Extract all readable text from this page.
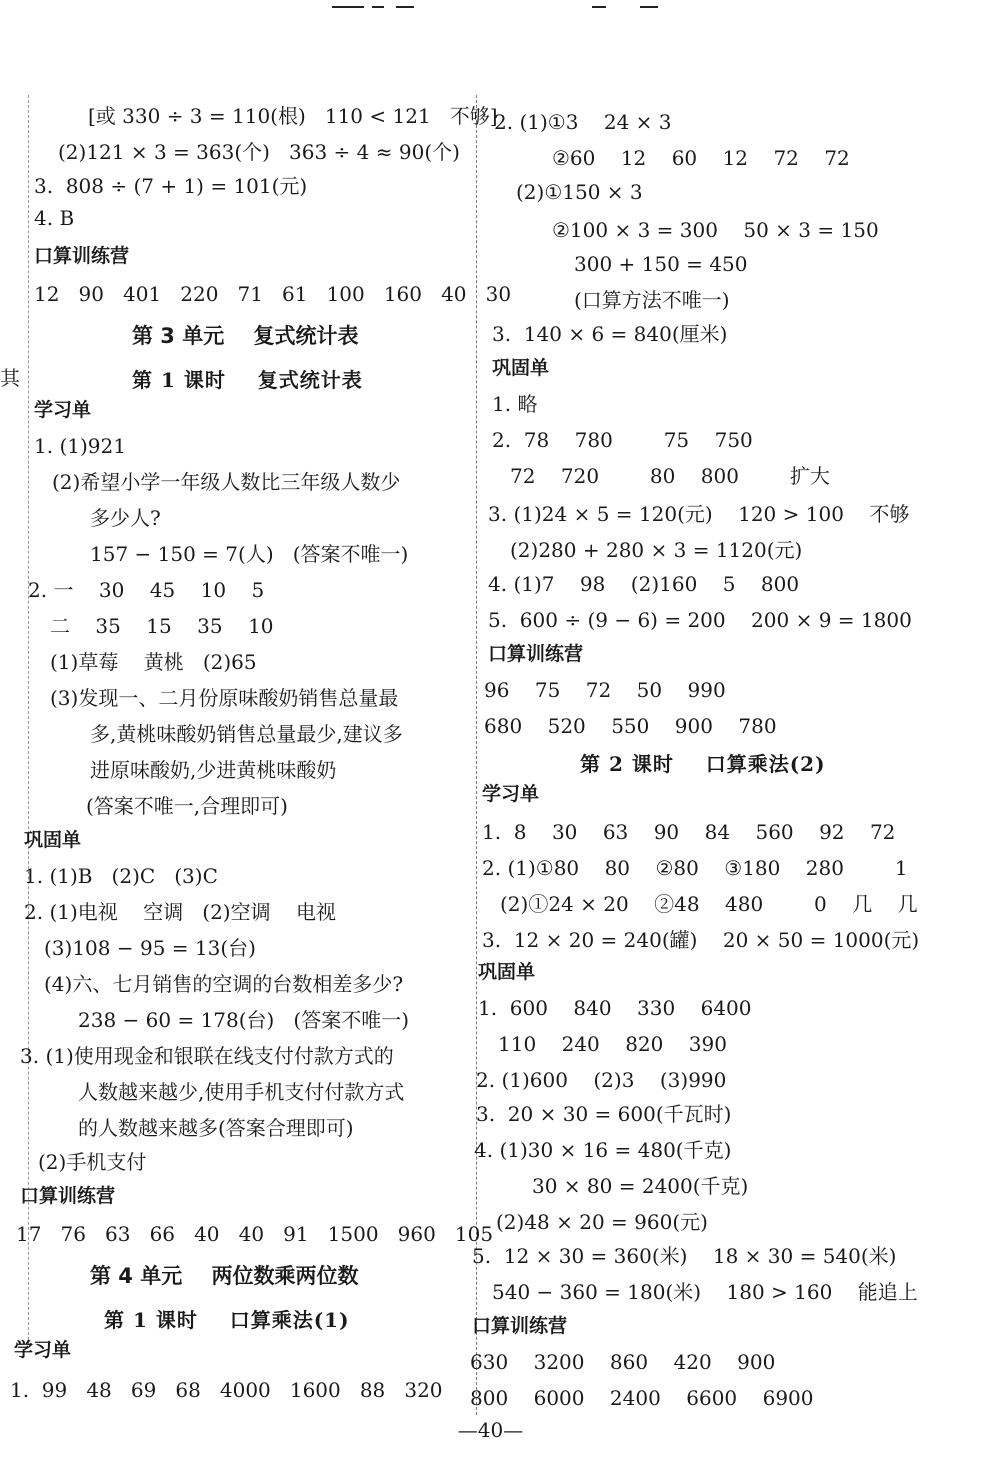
其
[或 330 ÷ 3 = 110(根)   110 < 121   不够]
(2)121 × 3 = 363(个)   363 ÷ 4 ≈ 90(个)
3.  808 ÷ (7 + 1) = 101(元)
4. B
口算训练营
12   90   401   220   71   61   100   160   40   30
第 3 单元    复式统计表
第 1 课时    复式统计表
学习单
1. (1)921
(2)希望小学一年级人数比三年级人数少
多少人?
157 − 150 = 7(人)   (答案不唯一)
2. 一    30    45    10    5
二    35    15    35    10
(1)草莓    黄桃   (2)65
(3)发现一、二月份原味酸奶销售总量最
多,黄桃味酸奶销售总量最少,建议多
进原味酸奶,少进黄桃味酸奶
(答案不唯一,合理即可)
巩固单
1. (1)B   (2)C   (3)C
2. (1)电视    空调   (2)空调    电视
(3)108 − 95 = 13(台)
(4)六、七月销售的空调的台数相差多少?
238 − 60 = 178(台)   (答案不唯一)
3. (1)使用现金和银联在线支付付款方式的
人数越来越少,使用手机支付付款方式
的人数越来越多(答案合理即可)
(2)手机支付
口算训练营
17   76   63   66   40   40   91   1500   960   105
第 4 单元    两位数乘两位数
第 1 课时    口算乘法(1)
学习单
1.  99   48   69   68   4000   1600   88   320
2. (1)①3    24 × 3
②60    12    60    12    72    72
(2)①150 × 3
②100 × 3 = 300    50 × 3 = 150
300 + 150 = 450
(口算方法不唯一)
3.  140 × 6 = 840(厘米)
巩固单
1. 略
2.  78    780        75    750
72    720        80    800        扩大
3. (1)24 × 5 = 120(元)    120 > 100    不够
(2)280 + 280 × 3 = 1120(元)
4. (1)7    98    (2)160    5    800
5.  600 ÷ (9 − 6) = 200    200 × 9 = 1800
口算训练营
96    75    72    50    990
680    520    550    900    780
第 2 课时    口算乘法(2)
学习单
1.  8    30    63    90    84    560    92    72
2. (1)①80    80    ②80    ③180    280        1
(2)①24 × 20    ②48    480        0    几    几
3.  12 × 20 = 240(罐)    20 × 50 = 1000(元)
巩固单
1.  600    840    330    6400
110    240    820    390
2. (1)600    (2)3    (3)990
3.  20 × 30 = 600(千瓦时)
4. (1)30 × 16 = 480(千克)
30 × 80 = 2400(千克)
(2)48 × 20 = 960(元)
5.  12 × 30 = 360(米)    18 × 30 = 540(米)
540 − 360 = 180(米)    180 > 160    能追上
口算训练营
630    3200    860    420    900
800    6000    2400    6600    6900
—40—
